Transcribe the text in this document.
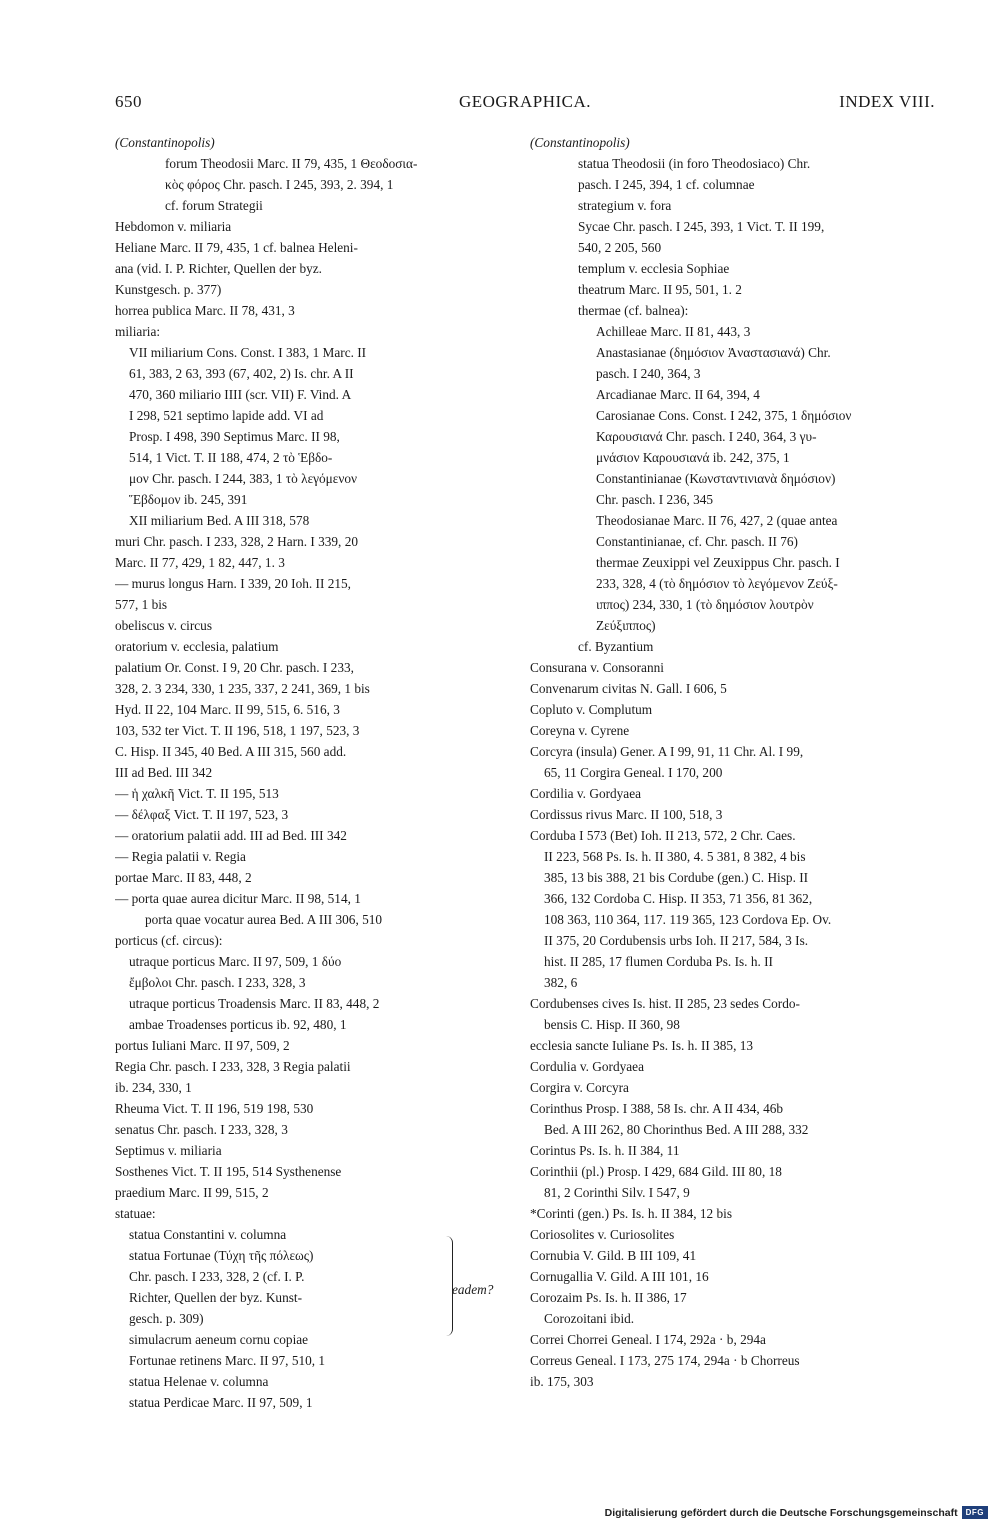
650	GEOGRAPHICA.	INDEX VIII.
(Constantinopolis)
forum Theodosii Marc. II 79, 435, 1 Θεοδοσια-
κὸς φόρος Chr. pasch. I 245, 393, 2. 394, 1
cf. forum Strategii
Hebdomon v. miliaria
Heliane Marc. II 79, 435, 1 cf. balnea Heleni-
ana (vid. I. P. Richter, Quellen der byz.
Kunstgesch. p. 377)
horrea publica Marc. II 78, 431, 3
miliaria:
VII miliarium Cons. Const. I 383, 1 Marc. II
61, 383, 2 63, 393 (67, 402, 2) Is. chr. A II
470, 360 miliario IIII (scr. VII) F. Vind. A
I 298, 521 septimo lapide add. VI ad
Prosp. I 498, 390 Septimus Marc. II 98,
514, 1 Vict. T. II 188, 474, 2 τὸ Ἑβδο-
μον Chr. pasch. I 244, 383, 1 τὸ λεγόμενον
Ἕβδομον ib. 245, 391
XII miliarium Bed. A III 318, 578
muri Chr. pasch. I 233, 328, 2 Harn. I 339, 20
Marc. II 77, 429, 1 82, 447, 1. 3
— murus longus Harn. I 339, 20 Ioh. II 215,
577, 1 bis
obeliscus v. circus
oratorium v. ecclesia, palatium
palatium Or. Const. I 9, 20 Chr. pasch. I 233,
328, 2. 3 234, 330, 1 235, 337, 2 241, 369, 1 bis
Hyd. II 22, 104 Marc. II 99, 515, 6. 516, 3
103, 532 ter Vict. T. II 196, 518, 1 197, 523, 3
C. Hisp. II 345, 40 Bed. A III 315, 560 add.
III ad Bed. III 342
— ἡ χαλκῆ Vict. T. II 195, 513
— δέλφαξ Vict. T. II 197, 523, 3
— oratorium palatii add. III ad Bed. III 342
— Regia palatii v. Regia
portae Marc. II 83, 448, 2
— porta quae aurea dicitur Marc. II 98, 514, 1
porta quae vocatur aurea Bed. A III 306, 510
porticus (cf. circus):
utraque porticus Marc. II 97, 509, 1 δύο
ἔμβολοι Chr. pasch. I 233, 328, 3
utraque porticus Troadensis Marc. II 83, 448, 2
ambae Troadenses porticus ib. 92, 480, 1
portus Iuliani Marc. II 97, 509, 2
Regia Chr. pasch. I 233, 328, 3 Regia palatii
ib. 234, 330, 1
Rheuma Vict. T. II 196, 519 198, 530
senatus Chr. pasch. I 233, 328, 3
Septimus v. miliaria
Sosthenes Vict. T. II 195, 514 Systhenense
praedium Marc. II 99, 515, 2
statuae:
statua Constantini v. columna
statua Fortunae (Τύχη τῆς πόλεως)
Chr. pasch. I 233, 328, 2 (cf. I. P.
Richter, Quellen der byz. Kunst-
gesch. p. 309)
simulacrum aeneum cornu copiae
Fortunae retinens Marc. II 97, 510, 1
statua Helenae v. columna
statua Perdicae Marc. II 97, 509, 1
(Constantinopolis)
statua Theodosii (in foro Theodosiaco) Chr.
pasch. I 245, 394, 1 cf. columnae
strategium v. fora
Sycae Chr. pasch. I 245, 393, 1 Vict. T. II 199,
540, 2 205, 560
templum v. ecclesia Sophiae
theatrum Marc. II 95, 501, 1. 2
thermae (cf. balnea):
Achilleae Marc. II 81, 443, 3
Anastasianae (δημόσιον Ἀναστασιανά) Chr.
pasch. I 240, 364, 3
Arcadianae Marc. II 64, 394, 4
Carosianae Cons. Const. I 242, 375, 1 δημόσιον
Καρουσιανά Chr. pasch. I 240, 364, 3 γυ-
μνάσιον Καρουσιανά ib. 242, 375, 1
Constantinianae (Κωνσταντινιανὰ δημόσιον)
Chr. pasch. I 236, 345
Theodosianae Marc. II 76, 427, 2 (quae antea
Constantinianae, cf. Chr. pasch. II 76)
thermae Zeuxippi vel Zeuxippus Chr. pasch. I
233, 328, 4 (τὸ δημόσιον τὸ λεγόμενον Ζεύξ-
ιππος) 234, 330, 1 (τὸ δημόσιον λουτρὸν
Ζεύξιππος)
cf. Byzantium
Consurana v. Consoranni
Convenarum civitas N. Gall. I 606, 5
Copluto v. Complutum
Coreyna v. Cyrene
Corcyra (insula) Gener. A I 99, 91, 11 Chr. Al. I 99,
65, 11 Corgira Geneal. I 170, 200
Cordilia v. Gordyaea
Cordissus rivus Marc. II 100, 518, 3
Corduba I 573 (Bet) Ioh. II 213, 572, 2 Chr. Caes.
II 223, 568 Ps. Is. h. II 380, 4. 5 381, 8 382, 4 bis
385, 13 bis 388, 21 bis Cordube (gen.) C. Hisp. II
366, 132 Cordoba C. Hisp. II 353, 71 356, 81 362,
108 363, 110 364, 117. 119 365, 123 Cordova Ep. Ov.
II 375, 20 Cordubensis urbs Ioh. II 217, 584, 3 Is.
hist. II 285, 17 flumen Corduba Ps. Is. h. II
382, 6
Cordubenses cives Is. hist. II 285, 23 sedes Cordo-
bensis C. Hisp. II 360, 98
ecclesia sancte Iuliane Ps. Is. h. II 385, 13
Cordulia v. Gordyaea
Corgira v. Corcyra
Corinthus Prosp. I 388, 58 Is. chr. A II 434, 46b
Bed. A III 262, 80 Chorinthus Bed. A III 288, 332
Corintus Ps. Is. h. II 384, 11
Corinthii (pl.) Prosp. I 429, 684 Gild. III 80, 18
81, 2 Corinthi Silv. I 547, 9
*Corinti (gen.) Ps. Is. h. II 384, 12 bis
Coriosolites v. Curiosolites
Cornubia V. Gild. B III 109, 41
Cornugallia V. Gild. A III 101, 16
Corozaim Ps. Is. h. II 386, 17
Corozoitani ibid.
Correi Chorrei Geneal. I 174, 292a · b, 294a
Correus Geneal. I 173, 275 174, 294a · b Chorreus
ib. 175, 303
eadem?
Digitalisierung gefördert durch die Deutsche Forschungsgemeinschaft	DFG
